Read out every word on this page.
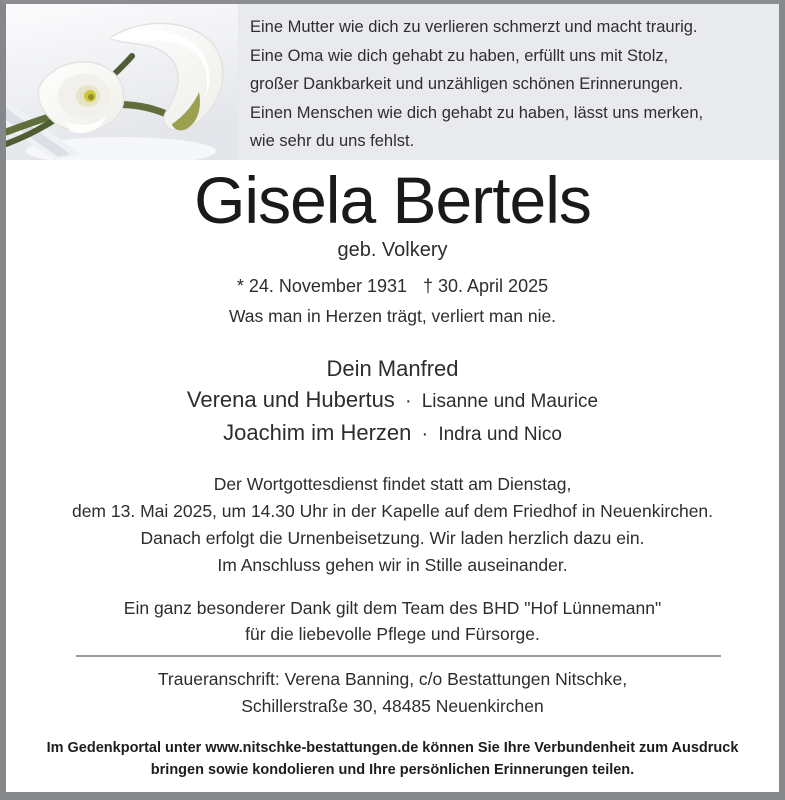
Eine Mutter wie dich zu verlieren schmerzt und macht traurig.
Eine Oma wie dich gehabt zu haben, erfüllt uns mit Stolz,
großer Dankbarkeit und unzähligen schönen Erinnerungen.
Einen Menschen wie dich gehabt zu haben, lässt uns merken,
wie sehr du uns fehlst.
Gisela Bertels
geb. Volkery
* 24. November 1931 † 30. April 2025
Was man in Herzen trägt, verliert man nie.
Dein Manfred
Verena und Hubertus · Lisanne und Maurice
Joachim im Herzen · Indra und Nico
Der Wortgottesdienst findet statt am Dienstag,
dem 13. Mai 2025, um 14.30 Uhr in der Kapelle auf dem Friedhof in Neuenkirchen.
Danach erfolgt die Urnenbeisetzung. Wir laden herzlich dazu ein.
Im Anschluss gehen wir in Stille auseinander.
Ein ganz besonderer Dank gilt dem Team des BHD "Hof Lünnemann"
für die liebevolle Pflege und Fürsorge.
Traueranschrift: Verena Banning, c/o Bestattungen Nitschke,
Schillerstraße 30, 48485 Neuenkirchen
Im Gedenkportal unter www.nitschke-bestattungen.de können Sie Ihre Verbundenheit zum Ausdruck
bringen sowie kondolieren und Ihre persönlichen Erinnerungen teilen.
